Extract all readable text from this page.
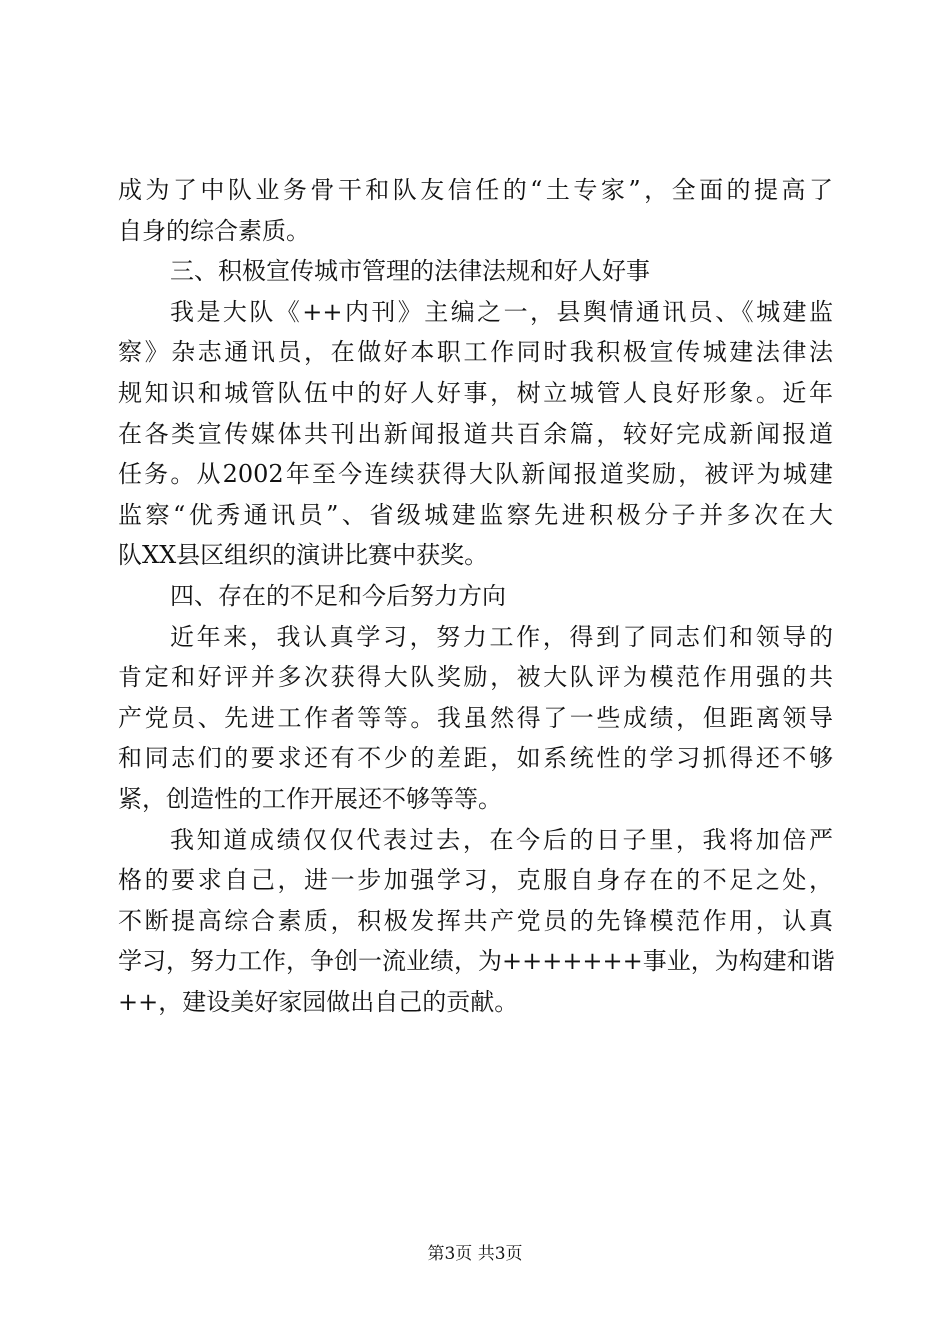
成为了中队业务骨干和队友信任的“土专家”，全面的提高了
自身的综合素质。
三、积极宣传城市管理的法律法规和好人好事
我是大队《++内刊》主编之一，县舆情通讯员、《城建监
察》杂志通讯员，在做好本职工作同时我积极宣传城建法律法
规知识和城管队伍中的好人好事，树立城管人良好形象。近年
在各类宣传媒体共刊出新闻报道共百余篇，较好完成新闻报道
任务。从2002年至今连续获得大队新闻报道奖励，被评为城建
监察“优秀通讯员”、省级城建监察先进积极分子并多次在大
队XX县区组织的演讲比赛中获奖。
四、存在的不足和今后努力方向
近年来，我认真学习，努力工作，得到了同志们和领导的
肯定和好评并多次获得大队奖励，被大队评为模范作用强的共
产党员、先进工作者等等。我虽然得了一些成绩，但距离领导
和同志们的要求还有不少的差距，如系统性的学习抓得还不够
紧，创造性的工作开展还不够等等。
我知道成绩仅仅代表过去，在今后的日子里，我将加倍严
格的要求自己，进一步加强学习，克服自身存在的不足之处，
不断提高综合素质，积极发挥共产党员的先锋模范作用，认真
学习，努力工作，争创一流业绩，为+++++++事业，为构建和谐
++，建设美好家园做出自己的贡献。
第3页 共3页
